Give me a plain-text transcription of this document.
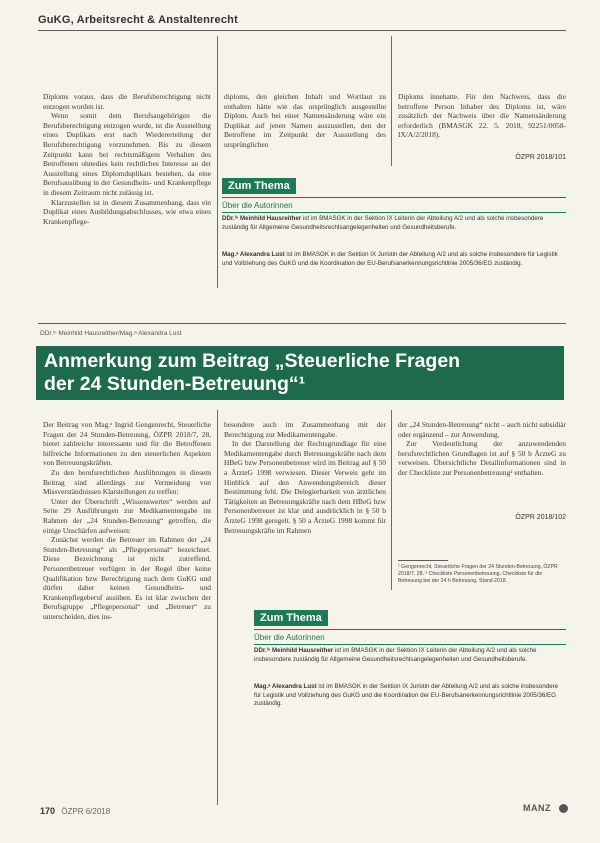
GuKG, Arbeitsrecht & Anstaltenrecht

Diploms voraus, dass die Berufsberechtigung nicht entzogen worden ist.

Wenn somit dem Berufsangehörigen die Berufsberechtigung entzogen wurde, ist die Ausstellung eines Duplikats erst nach Wiedererteilung der Berufsberechtigung vorzunehmen. Bis zu diesem Zeitpunkt kann bei rechtsmäßigem Verhalten des Betroffenen ohnedies kein rechtliches Interesse an der Ausstellung eines Diplomduplikats bestehen, da eine Berufsausübung in der Gesundheits- und Krankenpflege in diesem Zeitraum nicht zulässig ist.

Klarzustellen ist in diesem Zusammenhang, dass ein Duplikat eines Ausbildungsabschlusses, wie etwa eines Krankenpflege-

diploms, den gleichen Inhalt und Wortlaut zu enthalten hätte wie das ursprünglich ausgestellte Diplom. Auch bei einer Namensänderung wäre ein Duplikat auf jenen Namen auszustellen, den der Betroffene im Zeitpunkt der Ausstellung des ursprünglichen

Diploms innehatte. Für den Nachweis, dass die betroffene Person Inhaber des Diploms ist, wäre zusätzlich der Nachweis über die Namensänderung erforderlich (BMASGK 22. 5. 2018, 92251/0058-IX/A/2/2018).

ÖZPR 2018/101
Zum Thema
Über die Autorinnen
DDr.ⁱⁿ Meinhild Hausreither ist im BMASGK in der Sektion IX Leiterin der Abteilung A/2 und als solche insbesondere zuständig für Allgemeine Gesundheitsrechtsangelegenheiten und Gesundheitsberufe.
Mag.ᵃ Alexandra Lust ist im BMASGK in der Sektion IX Juristin der Abteilung A/2 und als solche insbesondere für Legistik und Vollziehung des GuKG und die Koordination der EU-Berufsanerkennungsrichtlinie 2005/36/EG zuständig.
DDr.ⁱⁿ Meinhild Hausreither/Mag.ᵃ Alexandra Lust
Anmerkung zum Beitrag „Steuerliche Fragen
der 24 Stunden-Betreuung“¹

Der Beitrag von Mag.ᵃ Ingrid Gengenrecht, Steuerliche Fragen der 24 Stunden-Betreuung, ÖZPR 2018/7, 28, bietet zahlreiche interessante und für die Betroffenen hilfreiche Informationen zu den steuerlichen Aspekten von Betreuungskräften.

Zu den berufsrechtlichen Ausführungen in diesem Beitrag sind allerdings zur Vermeidung von Missverständnissen Klarstellungen zu treffen:

Unter der Überschrift „Wissenswertes“ werden auf Seite 29 Ausführungen zur Medikamentengabe im Rahmen der „24 Stunden-Betreuung“ getroffen, die einige Unschärfen aufweisen:

Zunächst werden die Betreuer im Rahmen der „24 Stunden-Betreuung“ als „Pflegepersonal“ bezeichnet. Diese Bezeichnung ist nicht zutreffend. Personenbetreuer verfügen in der Regel über keine Qualifikation bzw Berechtigung nach dem GuKG und dürfen daher keinen Gesundheits- und Krankenpflegeberuf ausüben. Es ist klar zwischen der Berufsgruppe „Pflegepersonal“ und „Betreuer“ zu unterscheiden, dies ins-

besondere auch im Zusammenhang mit der Berechtigung zur Medikamentengabe.

In der Darstellung der Rechtsgrundlage für eine Medikamentengabe durch Betreuungskräfte nach dem HBeG bzw Personenbetreuer wird im Beitrag auf § 50 a ÄrzteG 1998 verwiesen. Dieser Verweis geht im Hinblick auf den Anwendungsbereich dieser Bestimmung fehl. Die Delegierbarkeit von ärztlichen Tätigkeiten an Betreuungskräfte nach dem HBeG bzw Personenbetreuer ist klar und ausdrücklich in § 50 b ÄrzteG 1998 geregelt. § 50 a ÄrzteG 1998 kommt für Betreuungskräfte im Rahmen

der „24 Stunden-Betreuung“ nicht – auch nicht subsidiär oder ergänzend – zur Anwendung.

Zur Verdeutlichung der anzuwendenden berufsrechtlichen Grundlagen ist auf § 50 b ÄrzteG zu verweisen. Übersichtliche Detailinformationen sind in der Checkliste zur Personenbetreuung² enthalten.

ÖZPR 2018/102
¹ Gengenrecht, Steuerliche Fragen der 24 Stunden-Betreuung, ÖZPR 2018/7, 28. ² Checkliste Personenbetreuung, Checkliste für die Betreuung bei der 24 h Betreuung, Stand 2018.
Zum Thema
Über die Autorinnen
DDr.ⁱⁿ Meinhild Hausreither ist im BMASGK in der Sektion IX Leiterin der Abteilung A/2 und als solche insbesondere zuständig für Allgemeine Gesundheitsrechtsangelegenheiten und Gesundheitsberufe.
Mag.ᵃ Alexandra Lust ist im BMASGK in der Sektion IX Juristin der Abteilung A/2 und als solche insbesondere für Legistik und Vollziehung des GuKG und die Koordination der EU-Berufsanerkennungsrichtlinie 2005/36/EG zuständig.
170 ÖZPR 6/2018	MANZ
